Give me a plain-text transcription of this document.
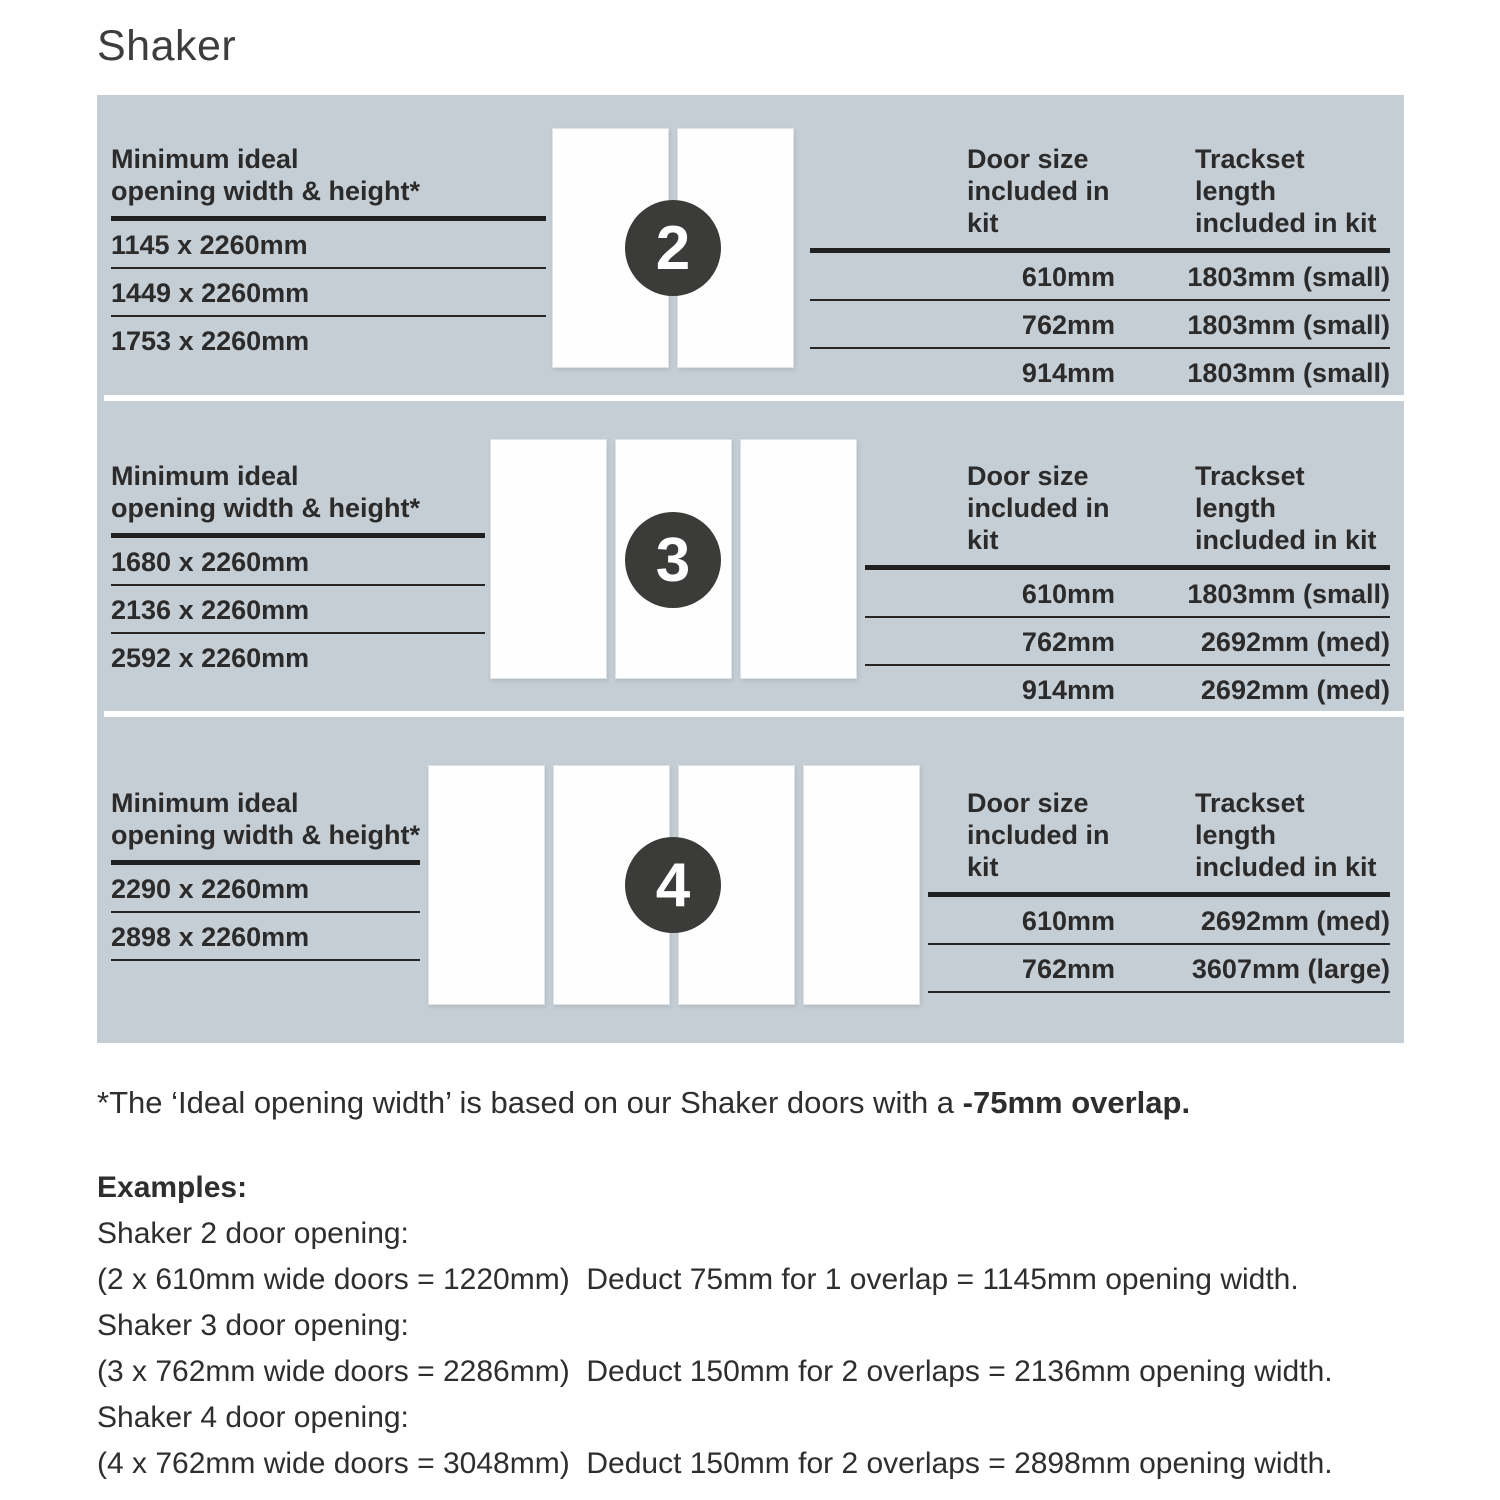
Shaker
Minimum ideal
opening width & height*
1145 x 2260mm
1449 x 2260mm
1753 x 2260mm
2
Door size
included in kit
Trackset length
included in kit
610mm	1803mm (small)
762mm	1803mm (small)
914mm	1803mm (small)
Minimum ideal
opening width & height*
1680 x 2260mm
2136 x 2260mm
2592 x 2260mm
3
Door size
included in kit
Trackset length
included in kit
610mm	1803mm (small)
762mm	2692mm (med)
914mm	2692mm (med)
Minimum ideal
opening width & height*
2290 x 2260mm
2898 x 2260mm
4
Door size
included in kit
Trackset length
included in kit
610mm	2692mm (med)
762mm	3607mm (large)
*The ‘Ideal opening width’ is based on our Shaker doors with a -75mm overlap.
Examples:
Shaker 2 door opening:
(2 x 610mm wide doors = 1220mm)  Deduct 75mm for 1 overlap = 1145mm opening width.
Shaker 3 door opening:
(3 x 762mm wide doors = 2286mm)  Deduct 150mm for 2 overlaps = 2136mm opening width.
Shaker 4 door opening:
(4 x 762mm wide doors = 3048mm)  Deduct 150mm for 2 overlaps = 2898mm opening width.
